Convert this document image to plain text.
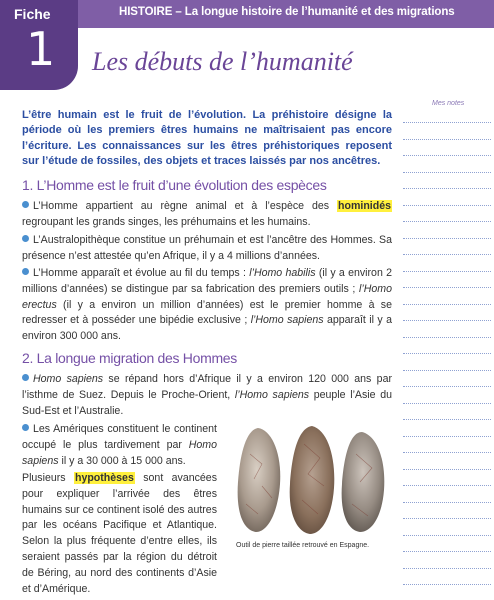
HISTOIRE – La longue histoire de l’humanité et des migrations
Fiche
1 Les débuts de l’humanité
Mes notes
L’être humain est le fruit de l’évolution. La préhistoire désigne la période où les premiers êtres humains ne maîtrisaient pas encore l’écriture. Les connaissances sur les êtres préhistoriques reposent sur l’étude de fossiles, des objets et traces laissés par nos ancêtres.
1. L’Homme est le fruit d’une évolution des espèces
L’Homme appartient au règne animal et à l’espèce des hominidés regroupant les grands singes, les préhumains et les humains.
L’Australopithèque constitue un préhumain et est l’ancêtre des Hommes. Sa présence n’est attestée qu’en Afrique, il y a 4 millions d’années.
L’Homme apparaît et évolue au fil du temps : l’Homo habilis (il y a environ 2 millions d’années) se distingue par sa fabrication des premiers outils ; l’Homo erectus (il y a environ un million d’années) est le premier homme à se redresser et à posséder une bipédie exclusive ; l’Homo sapiens apparaît il y a environ 300 000 ans.
2. La longue migration des Hommes
Homo sapiens se répand hors d’Afrique il y a environ 120 000 ans par l’isthme de Suez. Depuis le Proche-Orient, l’Homo sapiens peuple l’Asie du Sud-Est et l’Australie.
Les Amériques constituent le continent occupé le plus tardivement par Homo sapiens il y a 30 000 à 15 000 ans.
Plusieurs hypothèses sont avancées pour expliquer l’arrivée des êtres humains sur ce continent isolé des autres par les océans Pacifique et Atlantique. Selon la plus fréquente d’entre elles, ils seraient passés par la région du détroit de Béring, au nord des continents d’Asie et d’Amérique.
Outil de pierre taillée retrouvé en Espagne.
